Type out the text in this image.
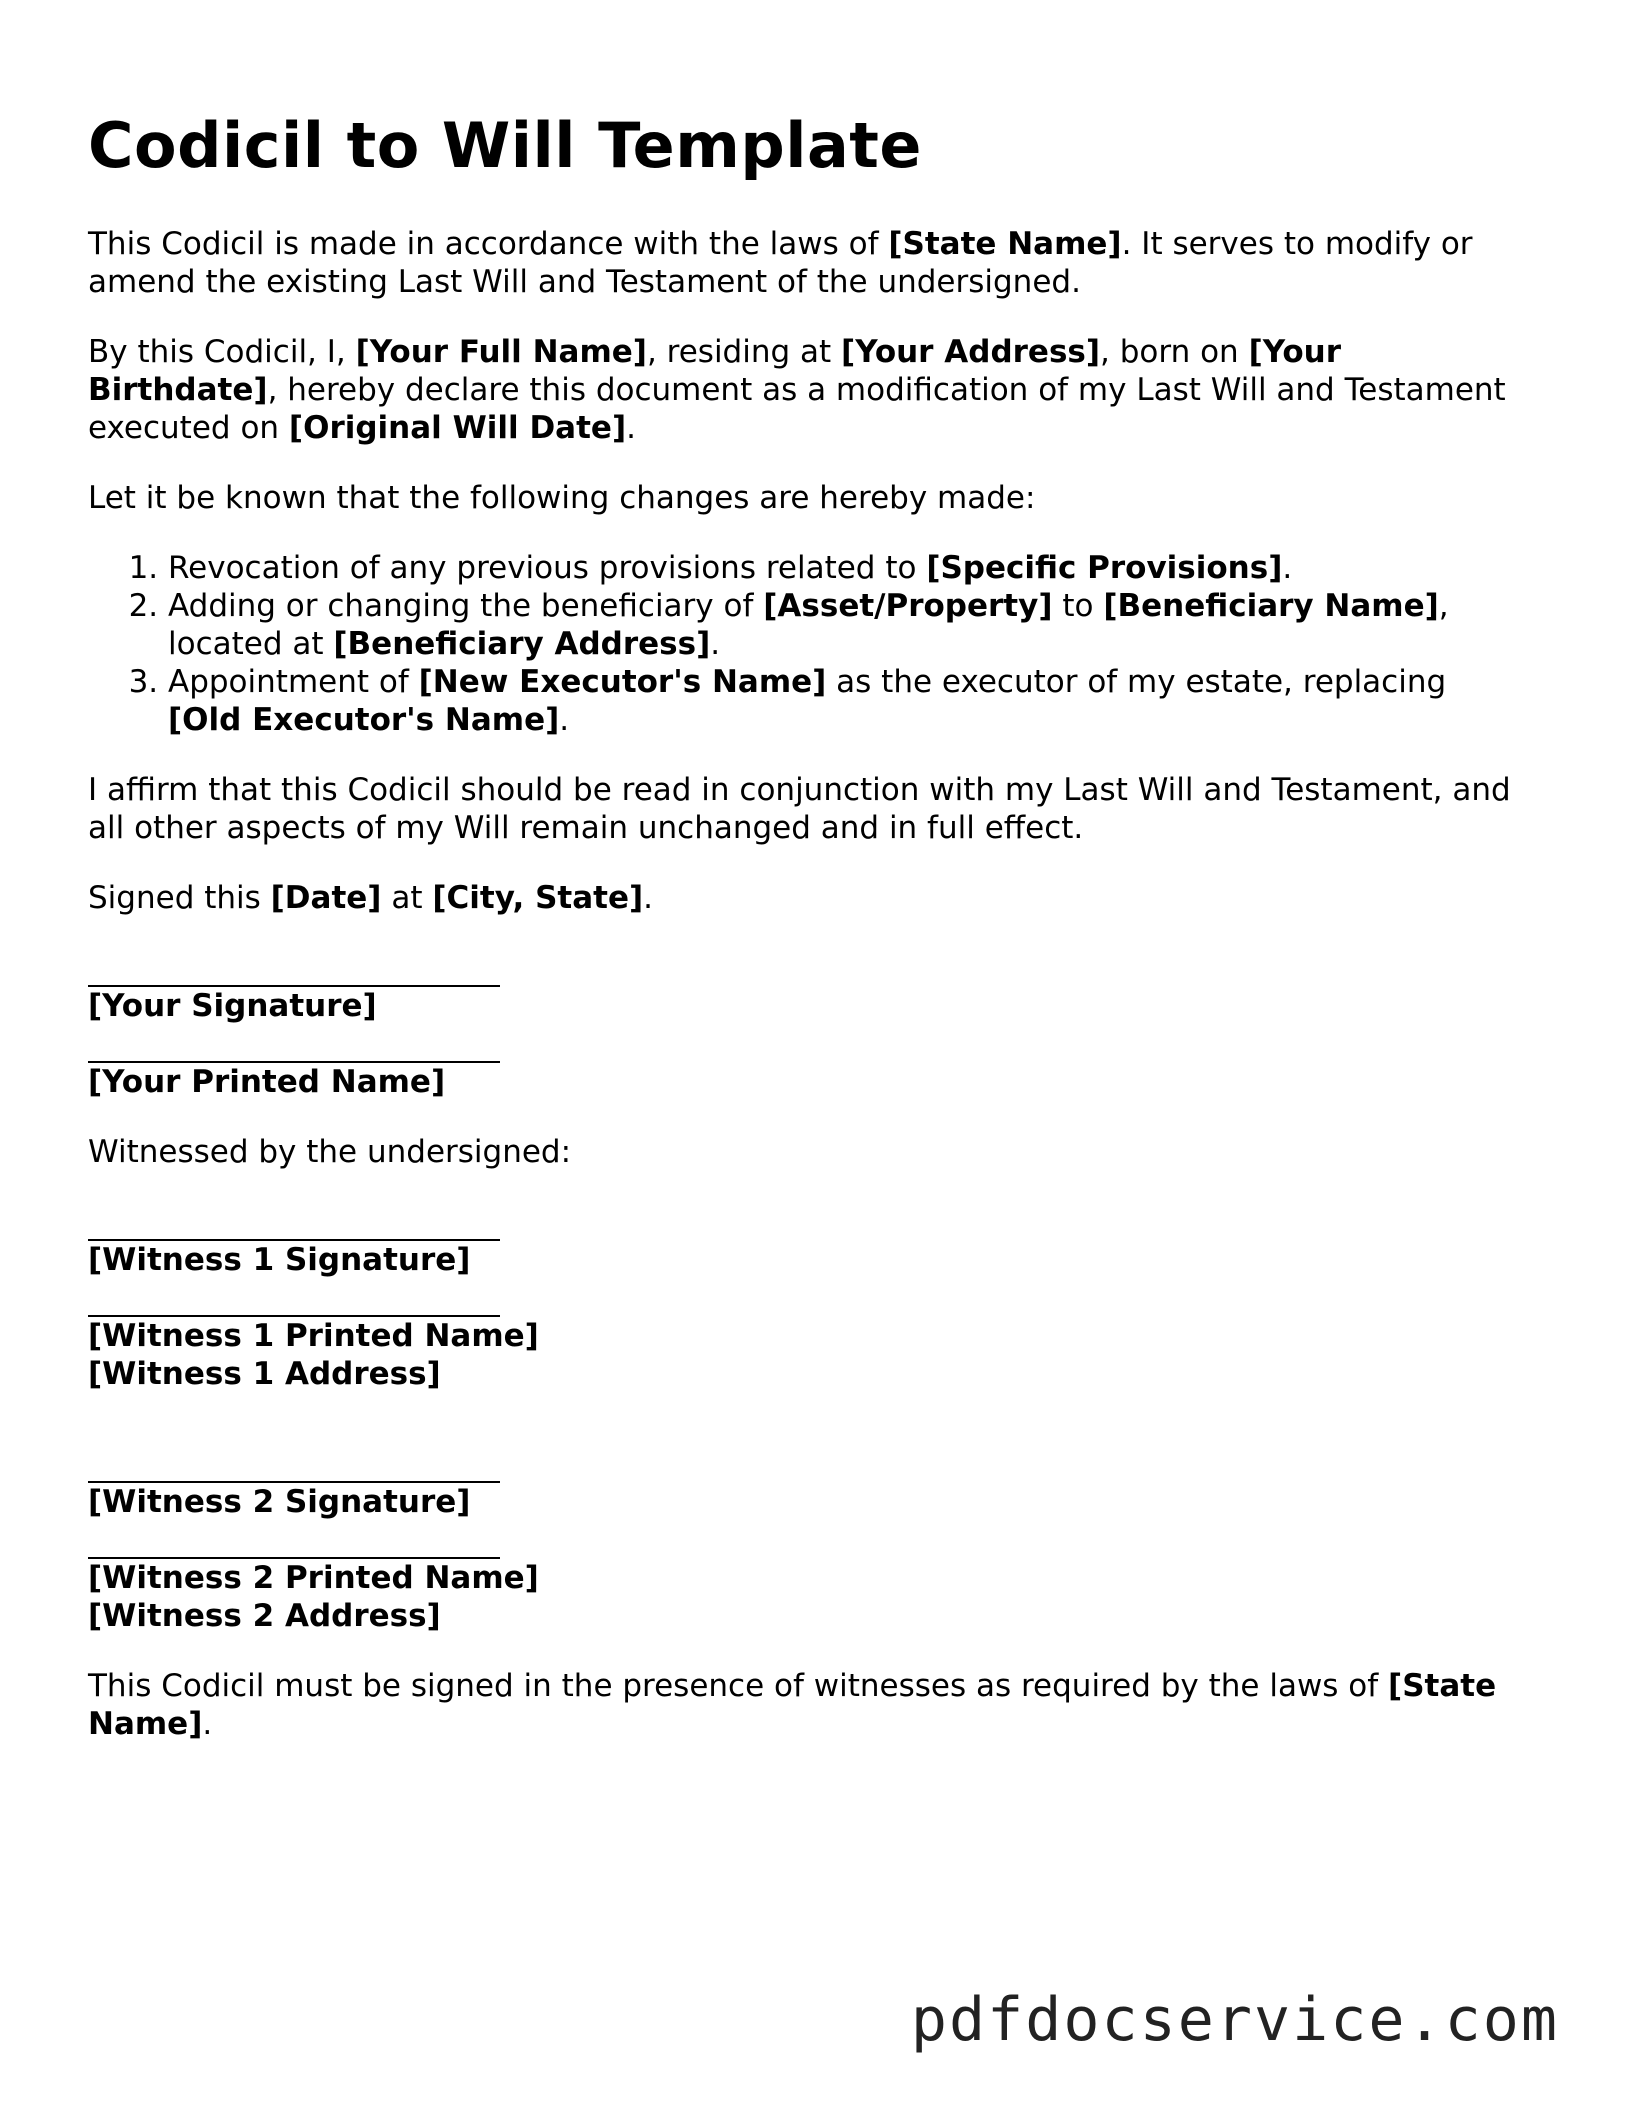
Codicil to Will Template

This Codicil is made in accordance with the laws of [State Name]. It serves to modify or amend the existing Last Will and Testament of the undersigned.

By this Codicil, I, [Your Full Name], residing at [Your Address], born on [Your Birthdate], hereby declare this document as a modification of my Last Will and Testament executed on [Original Will Date].

Let it be known that the following changes are hereby made:

1. Revocation of any previous provisions related to [Specific Provisions].
2. Adding or changing the beneficiary of [Asset/Property] to [Beneficiary Name], located at [Beneficiary Address].
3. Appointment of [New Executor's Name] as the executor of my estate, replacing [Old Executor's Name].

I affirm that this Codicil should be read in conjunction with my Last Will and Testament, and all other aspects of my Will remain unchanged and in full effect.

Signed this [Date] at [City, State].

[Your Signature]
[Your Printed Name]

Witnessed by the undersigned:

[Witness 1 Signature]
[Witness 1 Printed Name]
[Witness 1 Address]
[Witness 2 Signature]
[Witness 2 Printed Name]
[Witness 2 Address]

This Codicil must be signed in the presence of witnesses as required by the laws of [State Name].

pdfdocservice.com
